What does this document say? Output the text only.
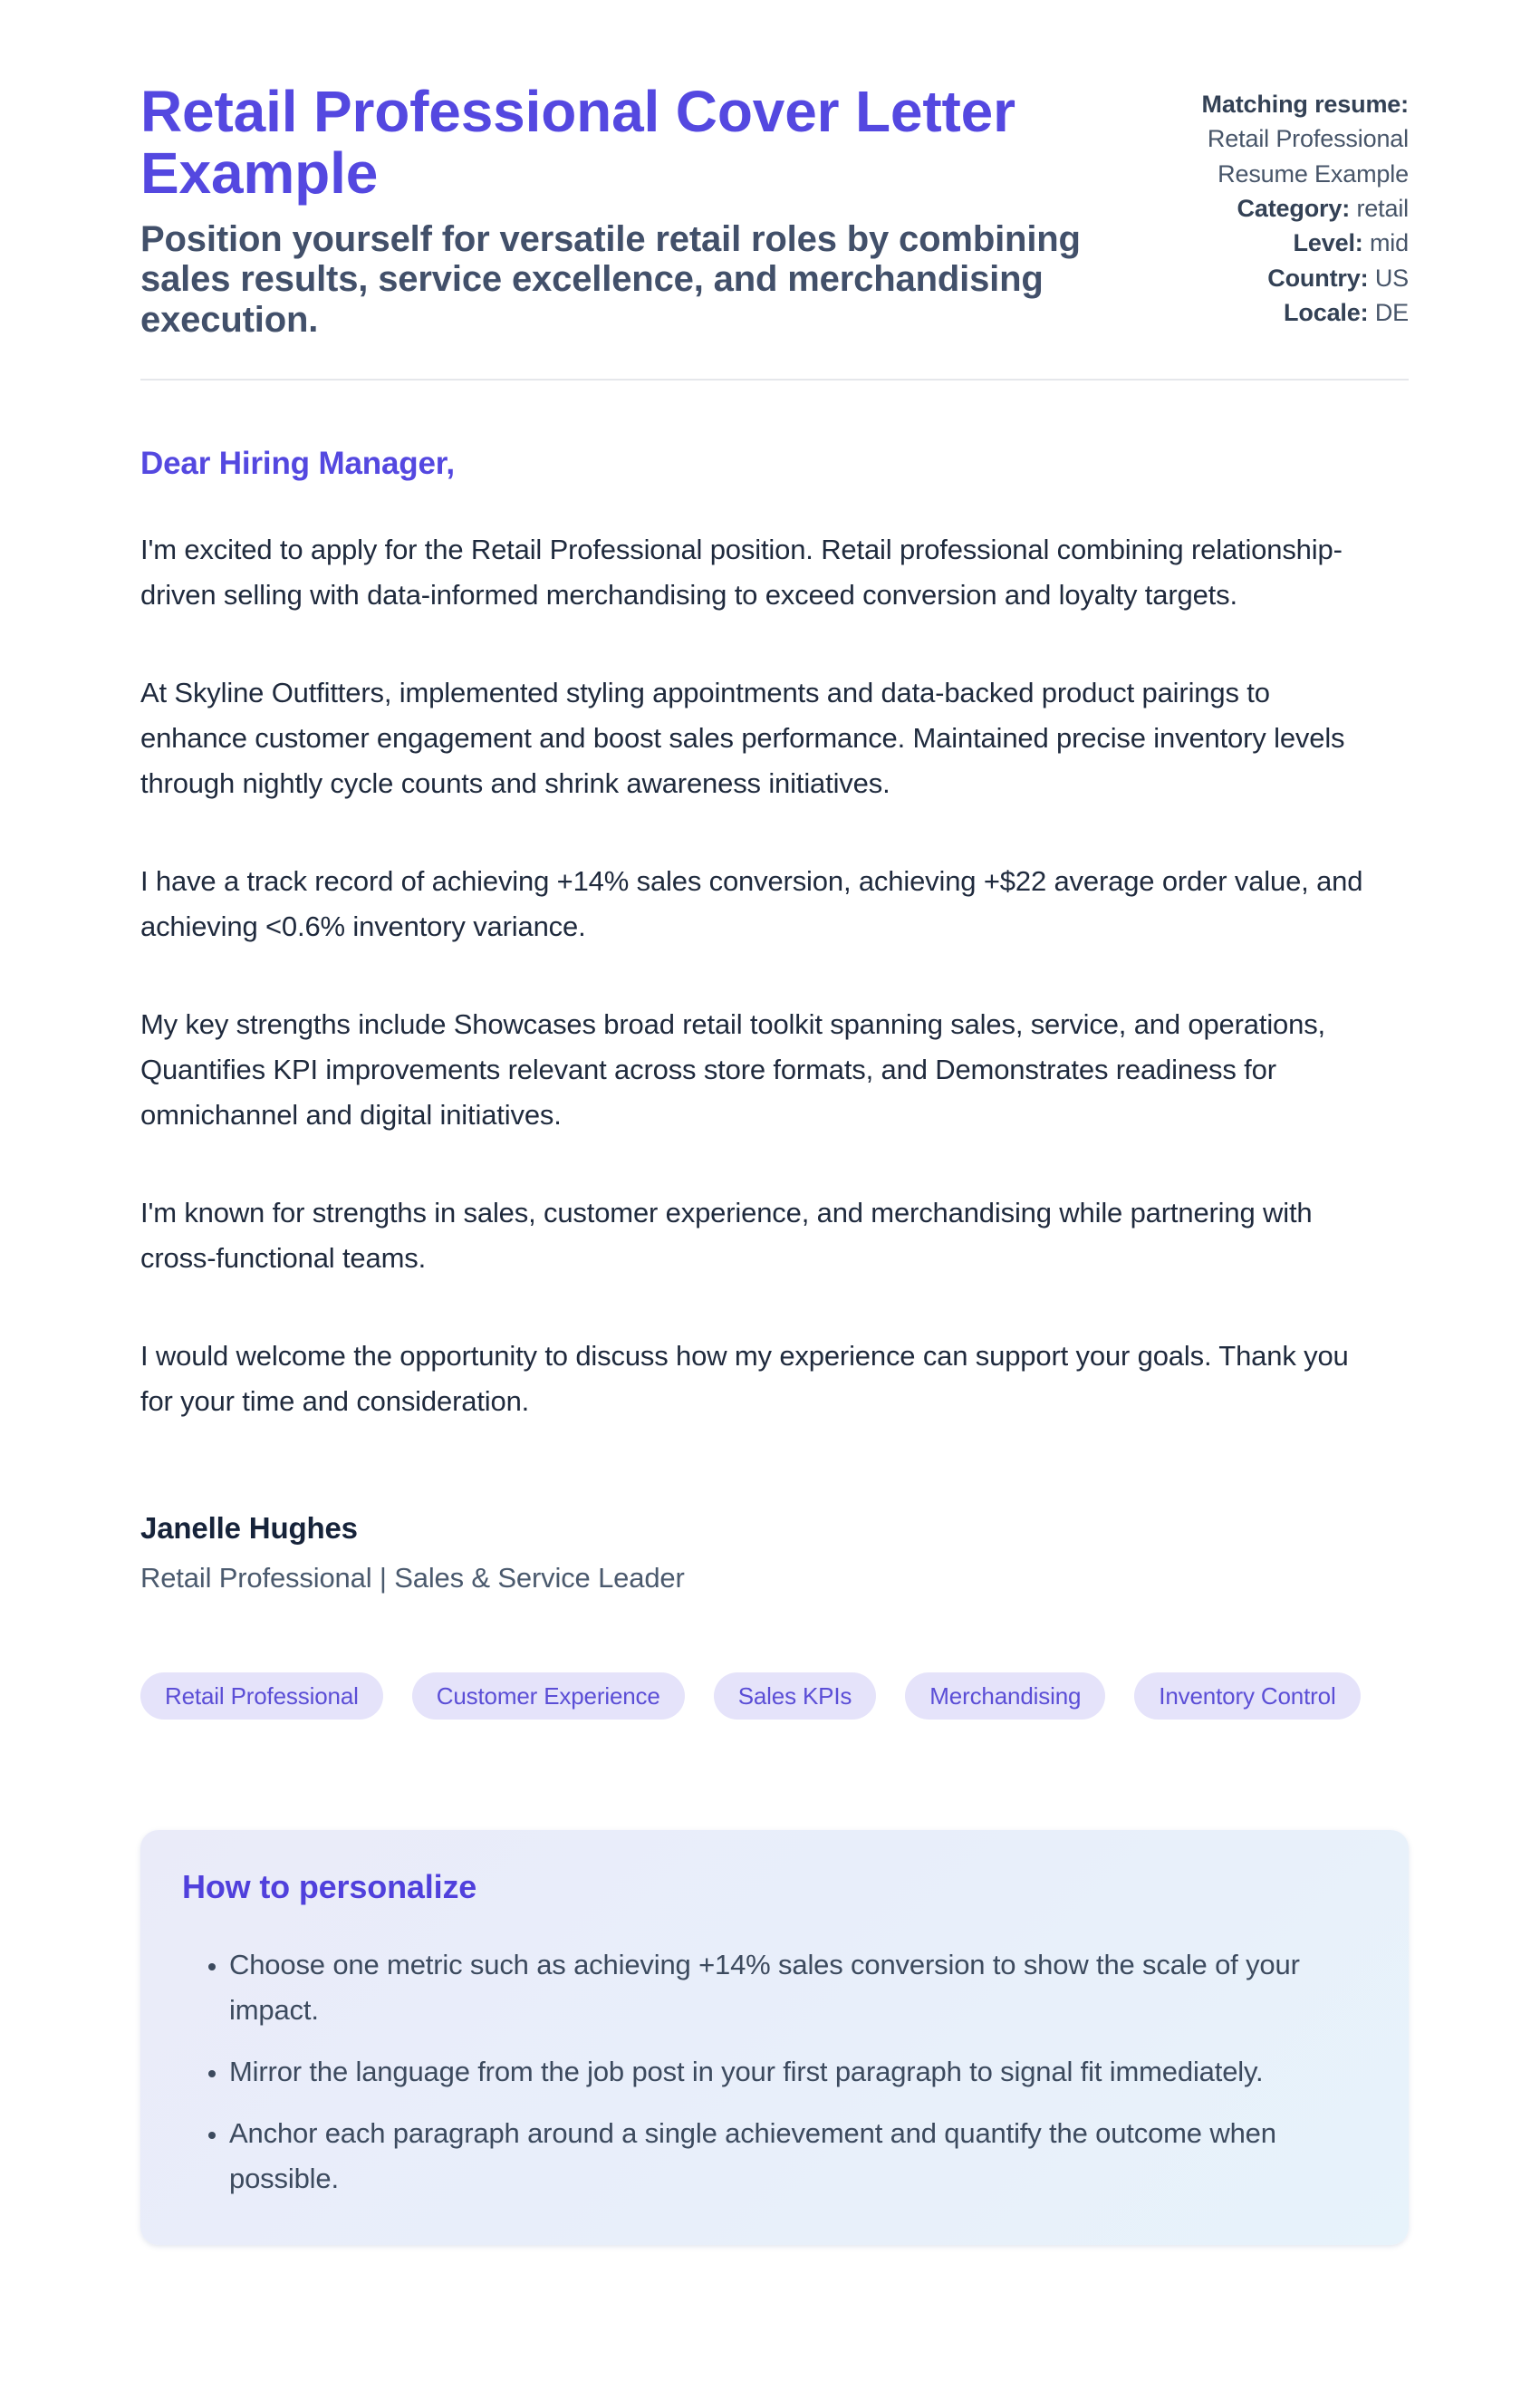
Retail Professional Cover Letter Example
Position yourself for versatile retail roles by combining sales results, service excellence, and merchandising execution.
Matching resume:
Retail Professional Resume Example
Category: retail
Level: mid
Country: US
Locale: DE
Dear Hiring Manager,

I'm excited to apply for the Retail Professional position. Retail professional combining relationship-driven selling with data-informed merchandising to exceed conversion and loyalty targets.

At Skyline Outfitters, implemented styling appointments and data-backed product pairings to enhance customer engagement and boost sales performance. Maintained precise inventory levels through nightly cycle counts and shrink awareness initiatives.

I have a track record of achieving +14% sales conversion, achieving +$22 average order value, and achieving <0.6% inventory variance.

My key strengths include Showcases broad retail toolkit spanning sales, service, and operations, Quantifies KPI improvements relevant across store formats, and Demonstrates readiness for omnichannel and digital initiatives.

I'm known for strengths in sales, customer experience, and merchandising while partnering with cross-functional teams.

I would welcome the opportunity to discuss how my experience can support your goals. Thank you for your time and consideration.

Janelle Hughes
Retail Professional | Sales & Service Leader
Retail Professional	Customer Experience	Sales KPIs	Merchandising	Inventory Control
How to personalize
• Choose one metric such as achieving +14% sales conversion to show the scale of your impact.
• Mirror the language from the job post in your first paragraph to signal fit immediately.
• Anchor each paragraph around a single achievement and quantify the outcome when possible.
